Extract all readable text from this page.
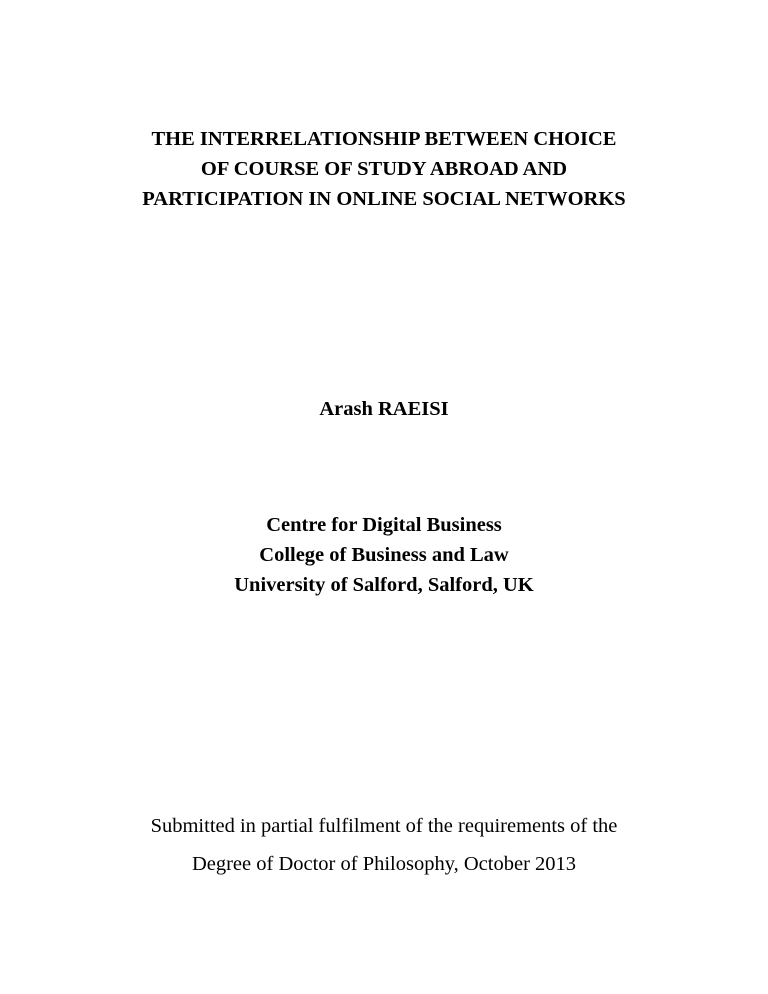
THE INTERRELATIONSHIP BETWEEN CHOICE
OF COURSE OF STUDY ABROAD AND
PARTICIPATION IN ONLINE SOCIAL NETWORKS
Arash RAEISI
Centre for Digital Business
College of Business and Law
University of Salford, Salford, UK
Submitted in partial fulfilment of the requirements of the
Degree of Doctor of Philosophy, October 2013
